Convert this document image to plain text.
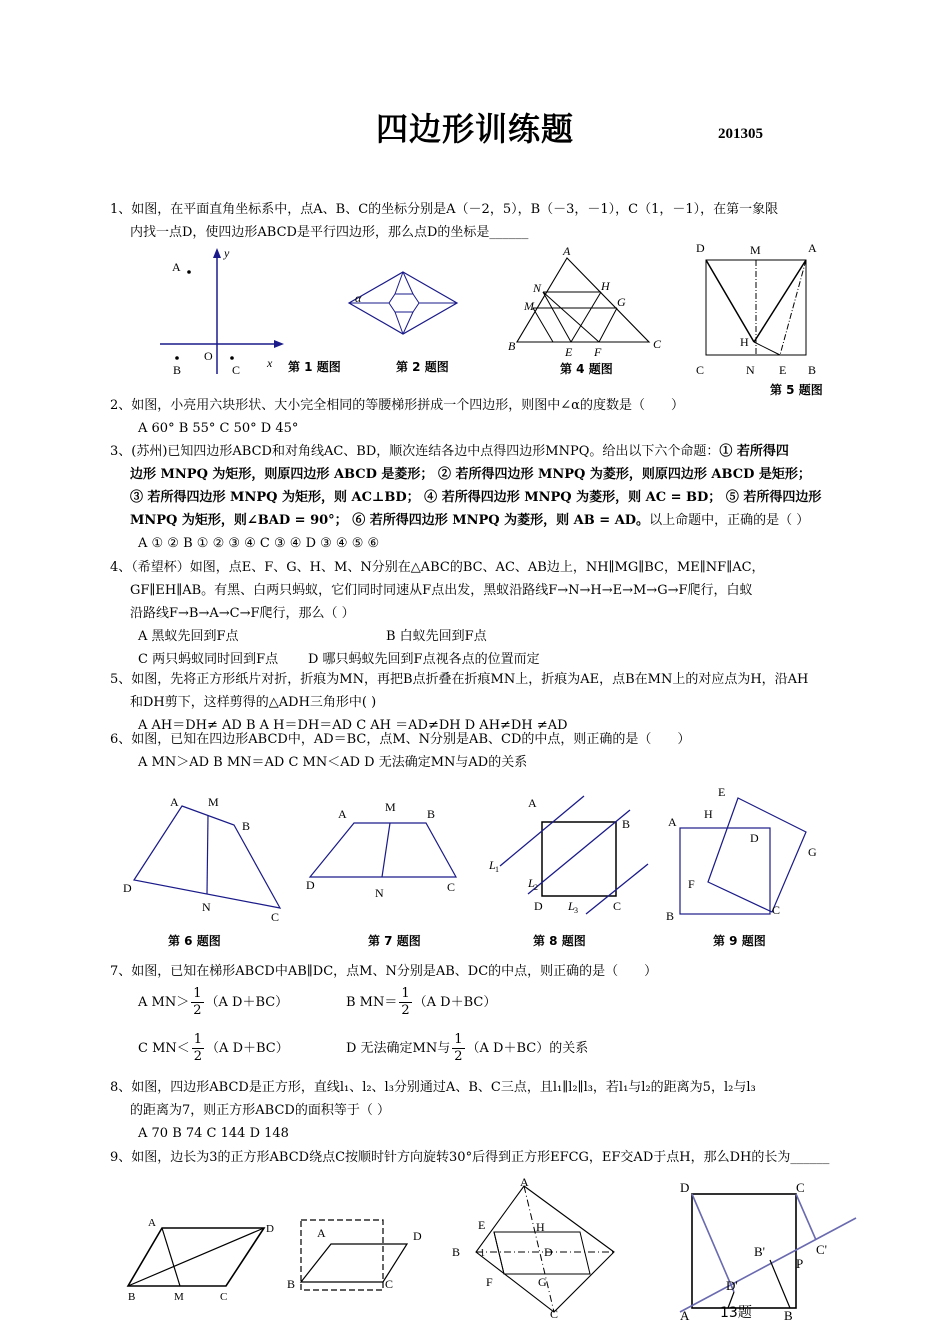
四边形训练题	201305

1、如图，在平面直角坐标系中，点A、B、C的坐标分别是A（－2，5），B（－3，－1），C（1，－1），在第一象限

内找一点D，使四边形ABCD是平行四边形，那么点D的坐标是______

y
x
A
O
B	C	第 1 题图
α
第 2 题图
A
B	C
N
M
H
G
E F
第 4 题图
D	M	A
H
C	N E B
第 5 题图

2、如图，小亮用六块形状、大小完全相同的等腰梯形拼成一个四边形，则图中∠α的度数是（　　）

A 60° B 55° C 50° D 45°

3、(苏州)已知四边形ABCD和对角线AC、BD，顺次连结各边中点得四边形MNPQ。给出以下六个命题：① 若所得四

边形 MNPQ 为矩形，则原四边形 ABCD 是菱形； ② 若所得四边形 MNPQ 为菱形，则原四边形 ABCD 是矩形；

③ 若所得四边形 MNPQ 为矩形，则 AC⊥BD； ④ 若所得四边形 MNPQ 为菱形，则 AC = BD； ⑤ 若所得四边形

MNPQ 为矩形，则∠BAD = 90°； ⑥ 若所得四边形 MNPQ 为菱形，则 AB = AD。以上命题中，正确的是（ ）

A ① ② B ① ② ③ ④ C ③ ④ D ③ ④ ⑤ ⑥

4、（希望杯）如图，点E、F、G、H、M、N分别在△ABC的BC、AC、AB边上，NH∥MG∥BC，ME∥NF∥AC，

GF∥EH∥AB。有黑、白两只蚂蚁，它们同时同速从F点出发，黑蚁沿路线F→N→H→E→M→G→F爬行，白蚁

沿路线F→B→A→C→F爬行，那么（ ）

A 黑蚁先回到F点	B 白蚁先回到F点

C 两只蚂蚁同时回到F点 D 哪只蚂蚁先回到F点视各点的位置而定

5、如图，先将正方形纸片对折，折痕为MN，再把B点折叠在折痕MN上，折痕为AE，点B在MN上的对应点为H，沿AH

和DH剪下，这样剪得的△ADH三角形中( )

A AH＝DH≠ AD B A H＝DH＝AD C AH ＝AD≠DH D AH≠DH ≠AD

6、如图，已知在四边形ABCD中，AD＝BC，点M、N分别是AB、CD的中点，则正确的是（　　）

A MN＞AD B MN＝AD C MN＜AD D 无法确定MN与AD的关系

A M
B
D
N
C
第 6 题图
A	M	B
D
N	C
第 7 题图
A
B
D	C
L 1
L 2
L 3
第 8 题图
E
H
A
D
G
F
B	C
第 9 题图

7、如图，已知在梯形ABCD中AB∥DC，点M、N分别是AB、DC的中点，则正确的是（　　）

A $MN> \frac{1}{2} (A$ D＋BC）	B $MN= \frac{1}{2} (A$ D＋BC）
C $MN< \frac{1}{2} (A$ D＋BC）	D 无法确定MN与 $\frac{1}{2} (A$ D＋BC）的关系

8、如图，四边形ABCD是正方形，直线l₁、l₂、l₃分别通过A、B、C三点，且l₁∥l₂∥l₃，若l₁与l₂的距离为5，l₂与l₃

的距离为7，则正方形ABCD的面积等于（ ）

A 70 B 74 C 144 D 148

9、如图，边长为3的正方形ABCD绕点C按顺时针方向旋转30°后得到正方形EFCG，EF交AD于点H，那么DH的长为______

A	D
B	M	C
A	D
B	C
A
E	H
B 1	D
F	G
C
D	C
B'	C'
P
D'
A	B
13题
